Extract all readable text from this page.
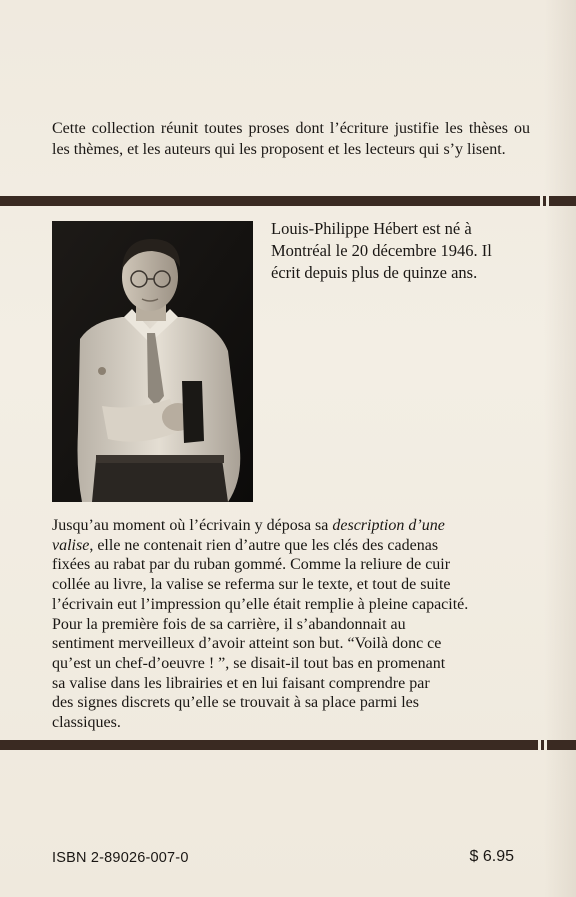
Cette collection réunit toutes proses dont l’écriture justifie les thèses ou les thèmes, et les auteurs qui les proposent et les lecteurs qui s’y lisent.

Louis-Philippe Hébert est né à Montréal le 20 décembre 1946. Il écrit depuis plus de quinze ans.

Jusqu’au moment où l’écrivain y déposa sa description d’une
valise, elle ne contenait rien d’autre que les clés des cadenas
fixées au rabat par du ruban gommé. Comme la reliure de cuir
collée au livre, la valise se referma sur le texte, et tout de suite
l’écrivain eut l’impression qu’elle était remplie à pleine capacité.
Pour la première fois de sa carrière, il s’abandonnait au
sentiment merveilleux d’avoir atteint son but. “Voilà donc ce
qu’est un chef-d’oeuvre ! ”, se disait-il tout bas en promenant
sa valise dans les librairies et en lui faisant comprendre par
des signes discrets qu’elle se trouvait à sa place parmi les
classiques.
ISBN 2-89026-007-0	$ 6.95
